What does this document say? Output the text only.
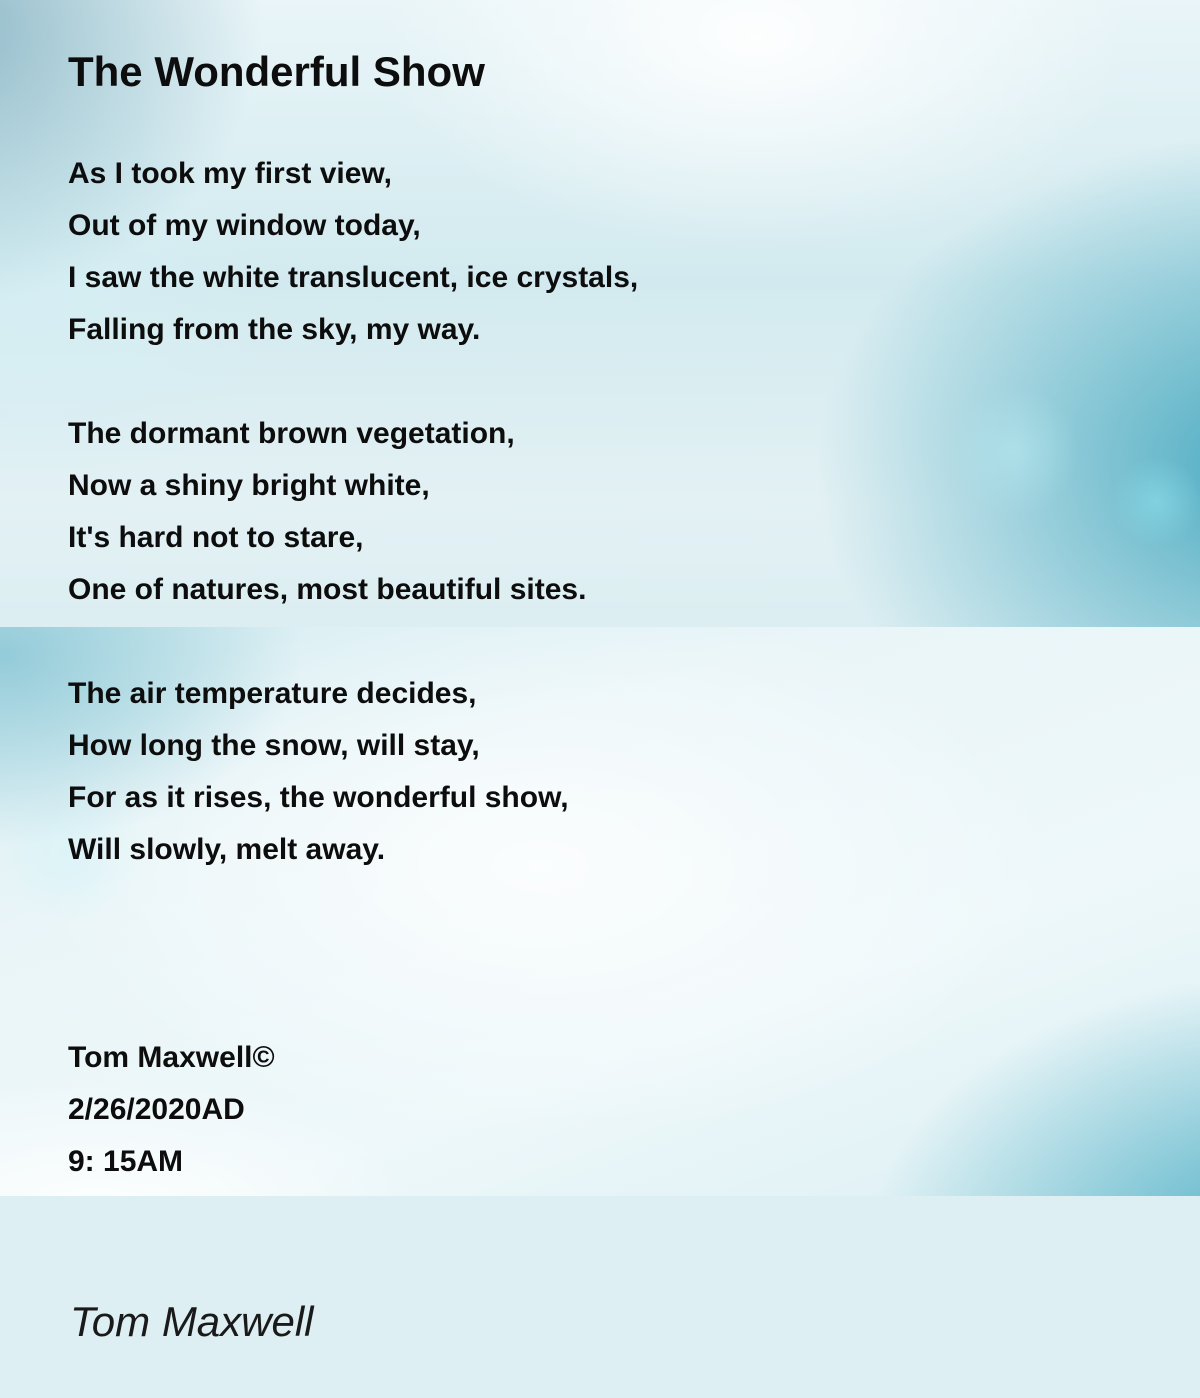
The Wonderful Show
As I took my first view,
Out of my window today,
I saw the white translucent, ice crystals,
Falling from the sky, my way.
The dormant brown vegetation,
Now a shiny bright white,
It's hard not to stare,
One of natures, most beautiful sites.
The air temperature decides,
How long the snow, will stay,
For as it rises, the wonderful show,
Will slowly, melt away.
Tom Maxwell©
2/26/2020AD
9: 15AM
Tom Maxwell
